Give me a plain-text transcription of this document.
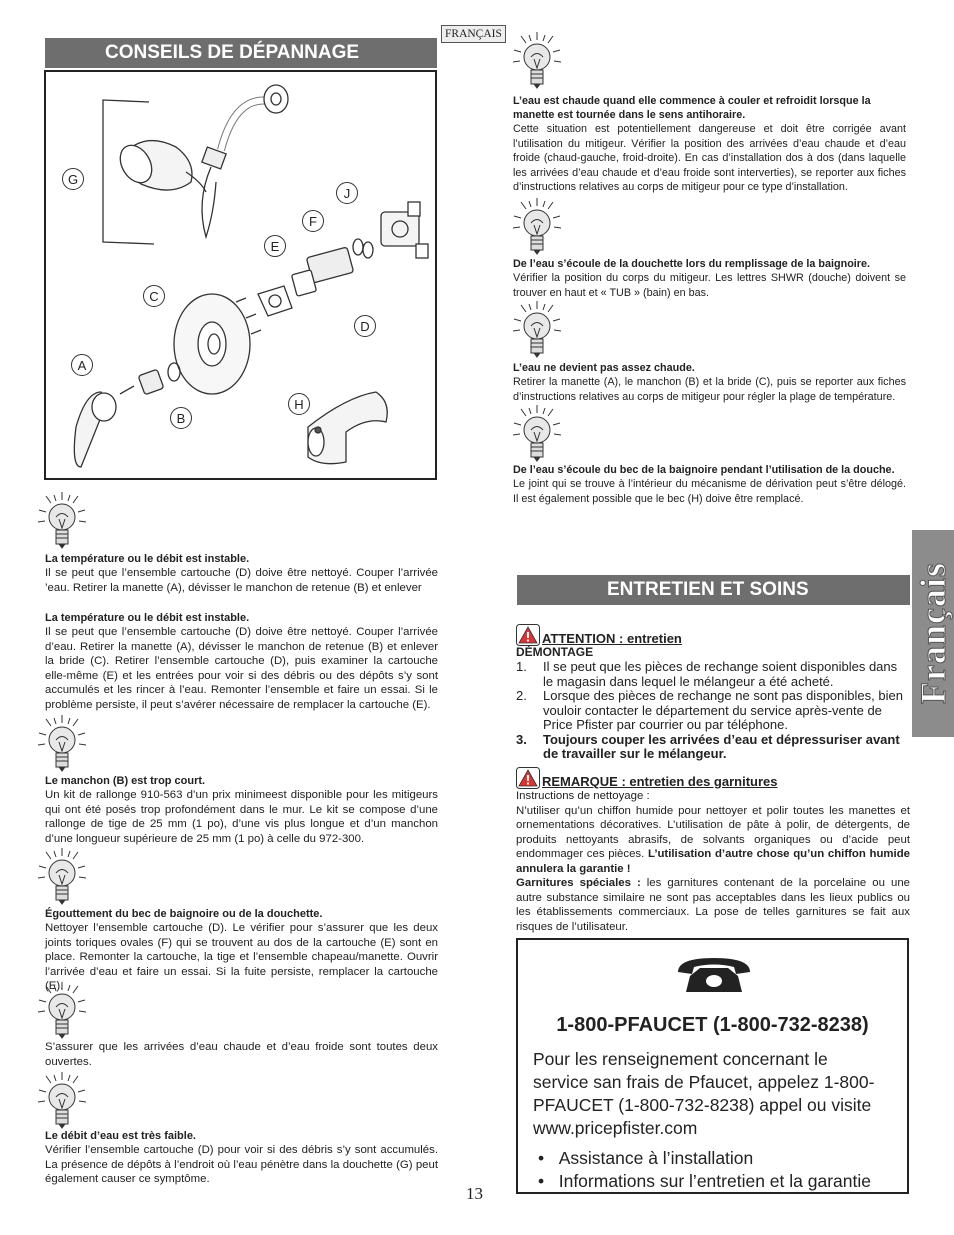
FRANÇAIS
Français
CONSEILS DE DÉPANNAGE
G
J
F
E
C
D
A
B
H
La température ou le débit est instable.
Il se peut que l’ensemble cartouche (D) doive être nettoyé. Couper l’arrivée ’eau. Retirer la manette (A), dévisser le manchon de retenue (B) et enlever
La température ou le débit est instable.
Il se peut que l’ensemble cartouche (D) doive être nettoyé. Couper l’arrivée d’eau. Retirer la manette (A), dévisser le manchon de retenue (B) et enlever la bride (C). Retirer l’ensemble cartouche (D), puis examiner la cartouche elle-même (E) et les entrées pour voir si des débris ou des dépôts s’y sont accumulés et les rincer à l’eau. Remonter l’ensemble et faire un essai. Si le problème persiste, il peut s’avérer nécessaire de remplacer la cartouche (E).
Le manchon (B) est trop court.
Un kit de rallonge 910-563 d’un prix minimeest disponible pour les mitigeurs qui ont été posés trop profondément dans le mur. Le kit se compose d’une rallonge de tige de 25 mm (1 po), d’une vis plus longue et d’un manchon d’une longueur supérieure de 25 mm (1 po) à celle du 972-300.
Égouttement du bec de baignoire ou de la douchette.
Nettoyer l’ensemble cartouche (D). Le vérifier pour s’assurer que les deux joints toriques ovales (F) qui se trouvent au dos de la cartouche (E) sont en place. Remonter la cartouche, la tige et l’ensemble chapeau/manette. Ouvrir l’arrivée d’eau et faire un essai. Si la fuite persiste, remplacer la cartouche
S’assurer que les arrivées d’eau chaude et d’eau froide sont toutes deux ouvertes.
Le débit d’eau est très faible.
Vérifier l’ensemble cartouche (D) pour voir si des débris s’y sont accumulés. La présence de dépôts à l’endroit où l’eau pénètre dans la douchette (G) peut également causer ce symptôme.
L’eau est chaude quand elle commence à couler et refroidit lorsque la manette est tournée dans le sens antihoraire.
Cette situation est potentiellement dangereuse et doit être corrigée avant l’utilisation du mitigeur. Vérifier la position des arrivées d’eau chaude et d’eau froide (chaud-gauche, froid-droite). En cas d’installation dos à dos (dans laquelle les arrivées d’eau chaude et d’eau froide sont interverties), se reporter aux fiches d’instructions relatives au corps de mitigeur pour ce type d’installation.
De l’eau s’écoule de la douchette lors du remplissage de la baignoire.
Vérifier la position du corps du mitigeur. Les lettres SHWR (douche) doivent se trouver en haut et « TUB » (bain) en bas.
L’eau ne devient pas assez chaude.
Retirer la manette (A), le manchon (B) et la bride (C), puis se reporter aux fiches d’instructions relatives au corps de mitigeur pour régler la plage de température.
De l’eau s’écoule du bec de la baignoire pendant l’utilisation de la douche.
Le joint qui se trouve à l’intérieur du mécanisme de dérivation peut s’être délogé. Il est également possible que le bec (H) doive être remplacé.
ENTRETIEN ET SOINS
ATTENTION : entretien
DÉMONTAGE
1.	Il se peut que les pièces de rechange soient disponibles dans le magasin dans lequel le mélangeur a été acheté.
2.	Lorsque des pièces de rechange ne sont pas disponibles, bien vouloir contacter le département du service après-vente de Price Pfister par courrier ou par téléphone.
3.	Toujours couper les arrivées d’eau et dépressuriser avant de travailler sur le mélangeur.
REMARQUE : entretien des garnitures
Instructions de nettoyage :
N’utiliser qu’un chiffon humide pour nettoyer et polir toutes les manettes et ornementations décoratives. L’utilisation de pâte à polir, de détergents, de produits nettoyants abrasifs, de solvants organiques ou d’acide peut endommager ces pièces. L’utilisation d’autre chose qu’un chiffon humide annulera la garantie !
Garnitures spéciales : les garnitures contenant de la porcelaine ou une autre substance similaire ne sont pas acceptables dans les lieux publics ou les établissements commerciaux. La pose de telles garnitures se fait aux risques de l’utilisateur.
1-800-PFAUCET (1-800-732-8238)
Pour les renseignement concernant le service san frais de Pfaucet, appelez 1-800-PFAUCET (1-800-732-8238) appel ou visite www.pricepfister.com
•   Assistance à l’installation
•   Informations sur l’entretien et la garantie
13
